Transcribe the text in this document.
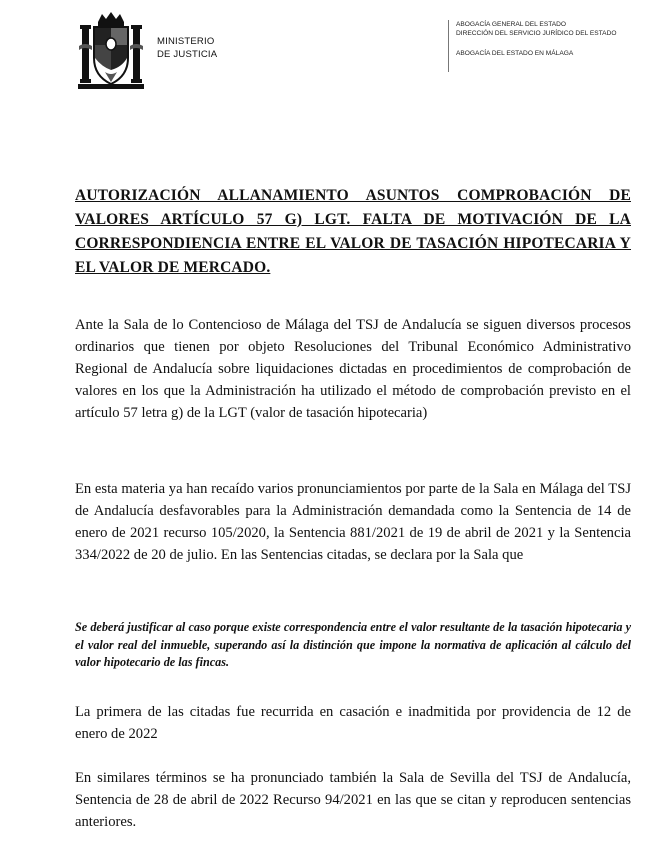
MINISTERIO
DE JUSTICIA
ABOGACÍA GENERAL DEL ESTADO
DIRECCIÓN DEL SERVICIO JURÍDICO DEL ESTADO
ABOGACÍA DEL ESTADO EN MÁLAGA
AUTORIZACIÓN ALLANAMIENTO ASUNTOS COMPROBACIÓN DE VALORES ARTÍCULO 57 G) LGT. FALTA DE MOTIVACIÓN DE LA CORRESPONDIENCIA ENTRE EL VALOR DE TASACIÓN HIPOTECARIA Y EL VALOR DE MERCADO.

Ante la Sala de lo Contencioso de Málaga del TSJ de Andalucía se siguen diversos procesos ordinarios que tienen por objeto Resoluciones del Tribunal Económico Administrativo Regional de Andalucía sobre liquidaciones dictadas en procedimientos de comprobación de valores en los que la Administración ha utilizado el método de comprobación previsto en el artículo 57 letra g) de la LGT (valor de tasación hipotecaria)

En esta materia ya han recaído varios pronunciamientos por parte de la Sala en Málaga del TSJ de Andalucía desfavorables para la Administración demandada como la Sentencia de 14 de enero de 2021 recurso 105/2020, la Sentencia 881/2021 de 19 de abril de 2021 y la Sentencia 334/2022 de 20 de julio. En las Sentencias citadas, se declara por la Sala que

Se deberá justificar al caso porque existe correspondencia entre el valor resultante de la tasación hipotecaria y el valor real del inmueble, superando así la distinción que impone la normativa de aplicación al cálculo del valor hipotecario de las fincas.

La primera de las citadas fue recurrida en casación e inadmitida por providencia de 12 de enero de 2022

En similares términos se ha pronunciado también la Sala de Sevilla del TSJ de Andalucía, Sentencia de 28 de abril de 2022 Recurso 94/2021 en las que se citan y reproducen sentencias anteriores.
